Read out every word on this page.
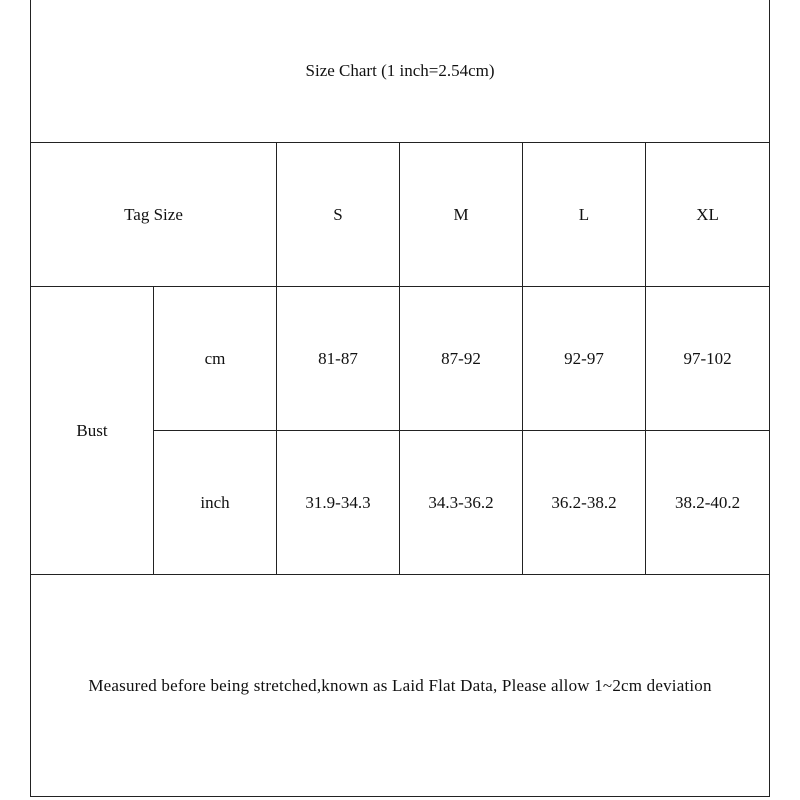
Size Chart (1 inch=2.54cm)					
Tag Size		S	M	L	XL
Bust	cm	81-87	87-92	92-97	97-102
	inch	31.9-34.3	34.3-36.2	36.2-38.2	38.2-40.2
Measured before being stretched,known as Laid Flat Data, Please allow 1~2cm deviation					
